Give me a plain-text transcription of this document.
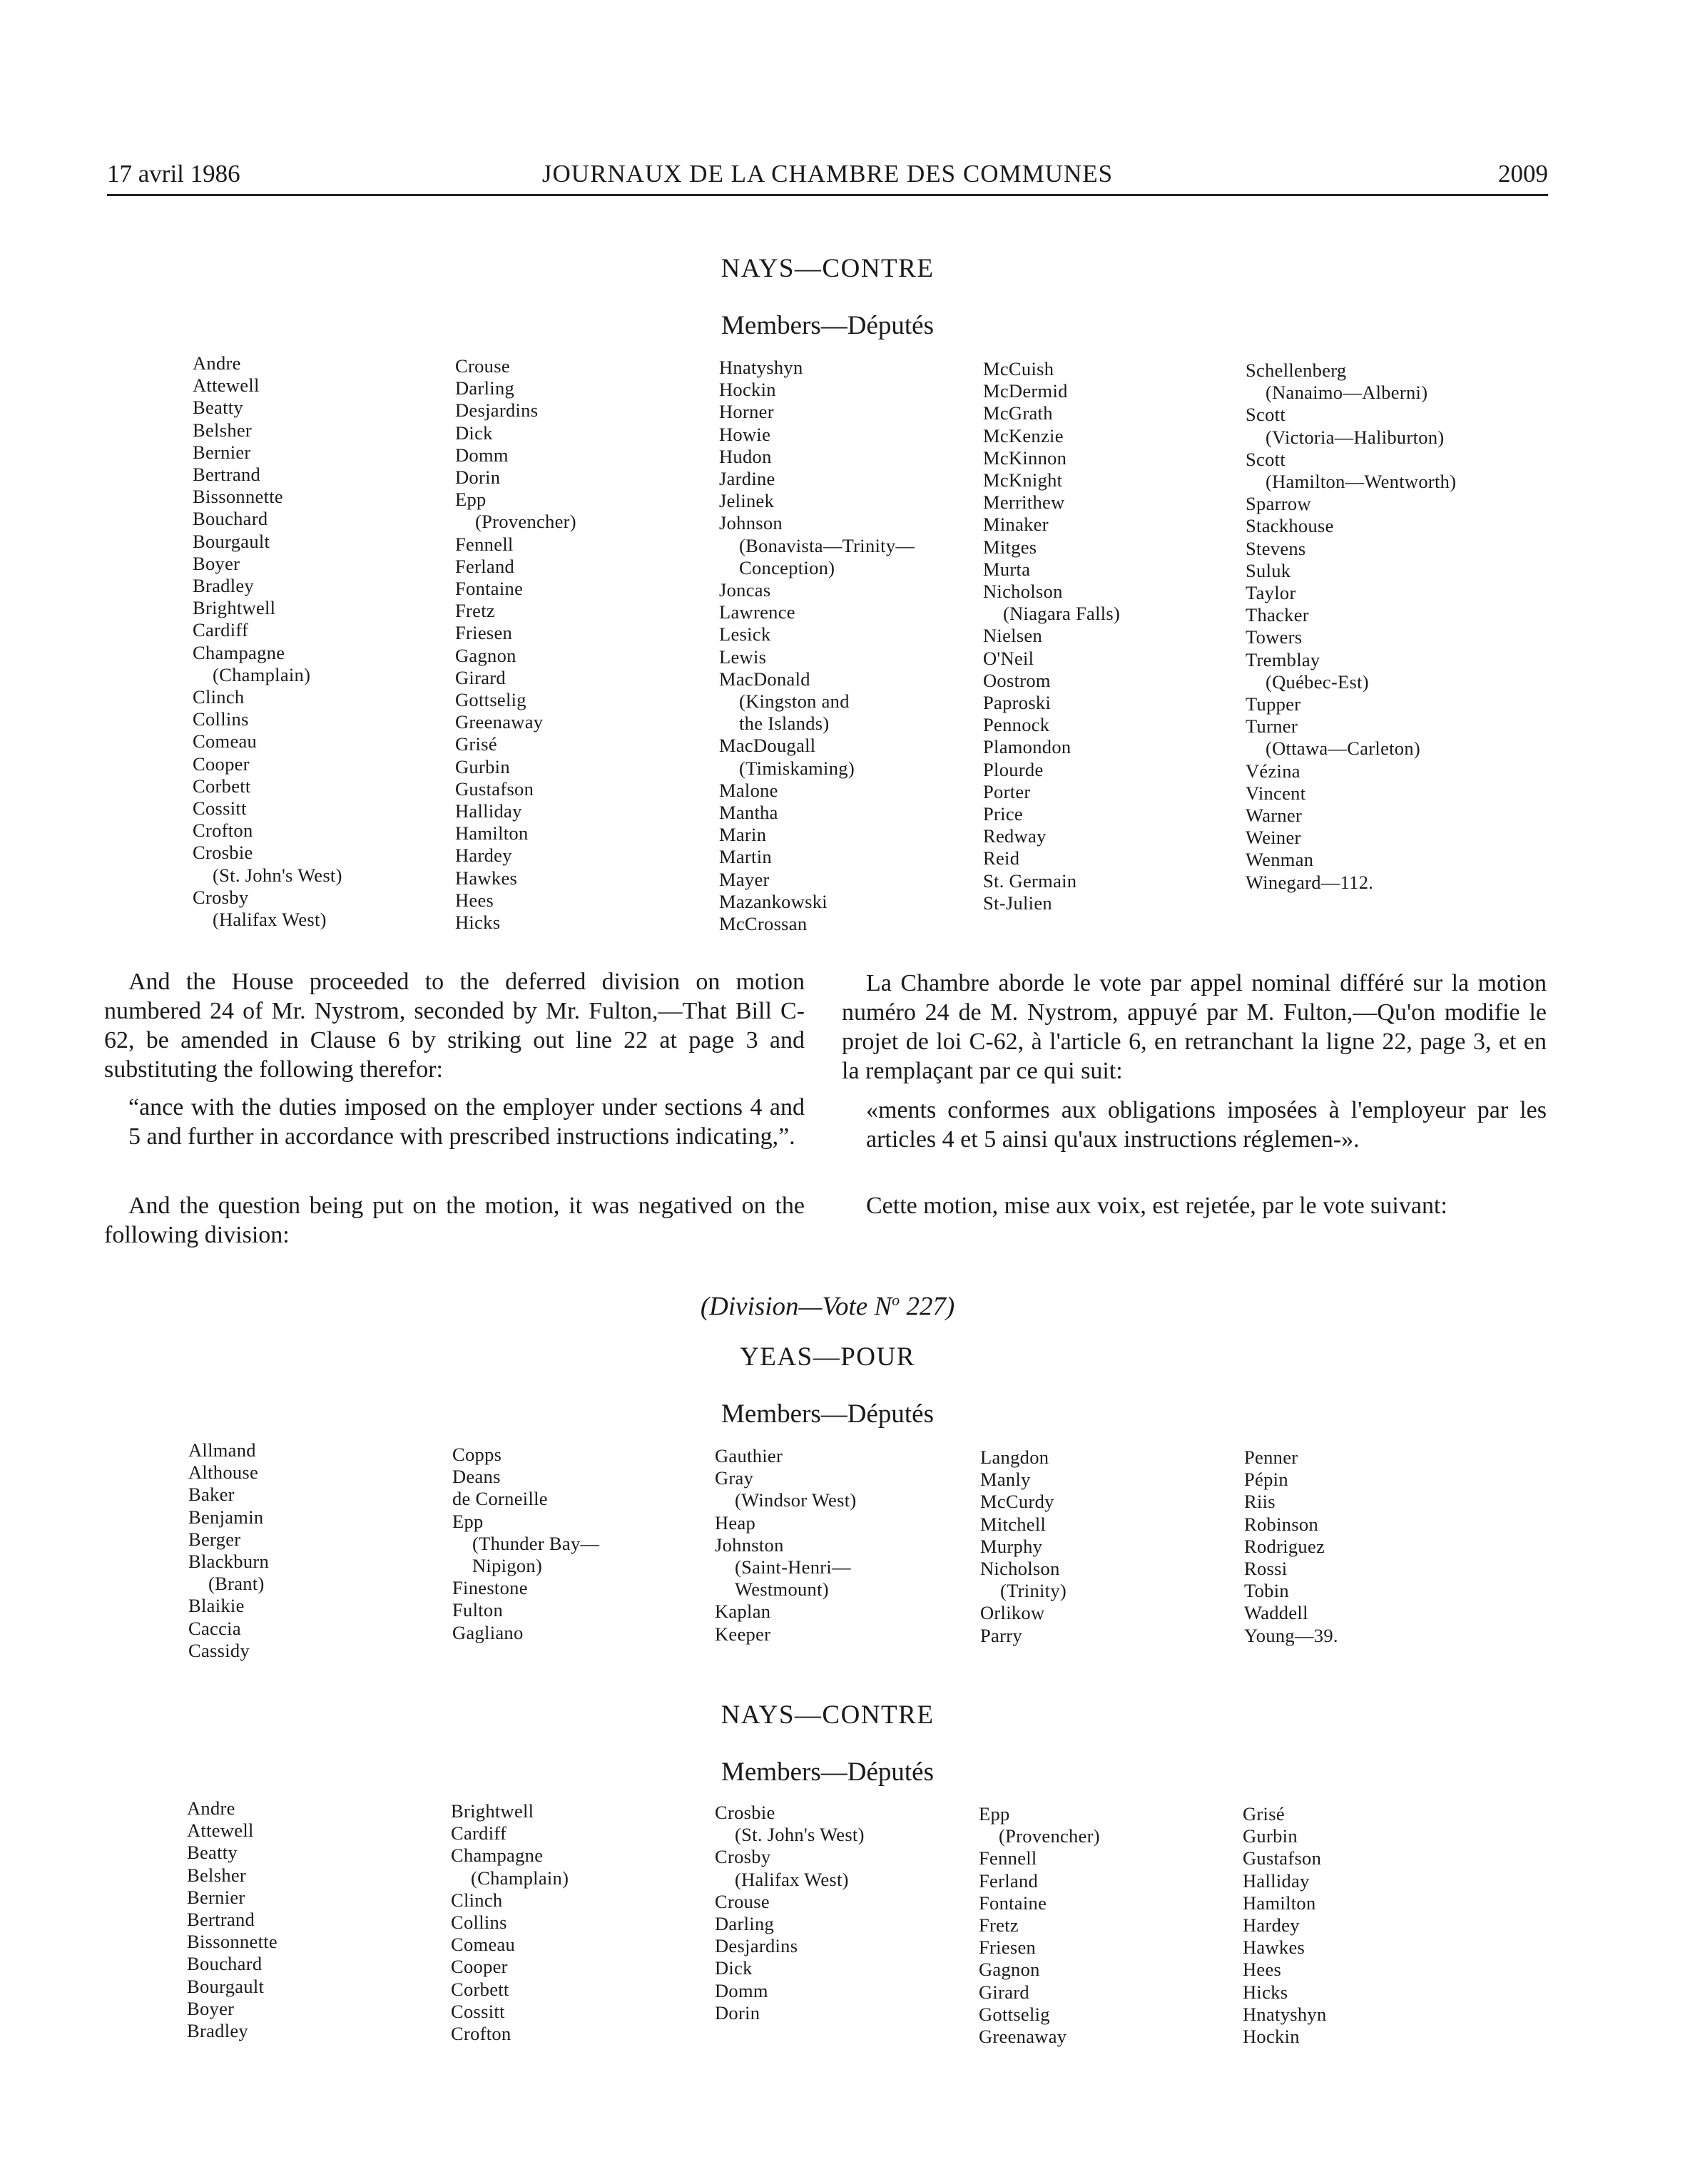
17 avril 1986	JOURNAUX DE LA CHAMBRE DES COMMUNES	2009
NAYS—CONTRE
Members—Députés
Andre
Attewell
Beatty
Belsher
Bernier
Bertrand
Bissonnette
Bouchard
Bourgault
Boyer
Bradley
Brightwell
Cardiff
Champagne
(Champlain)
Clinch
Collins
Comeau
Cooper
Corbett
Cossitt
Crofton
Crosbie
(St. John's West)
Crosby
(Halifax West)
Crouse
Darling
Desjardins
Dick
Domm
Dorin
Epp
(Provencher)
Fennell
Ferland
Fontaine
Fretz
Friesen
Gagnon
Girard
Gottselig
Greenaway
Grisé
Gurbin
Gustafson
Halliday
Hamilton
Hardey
Hawkes
Hees
Hicks
Hnatyshyn
Hockin
Horner
Howie
Hudon
Jardine
Jelinek
Johnson
(Bonavista—Trinity—
Conception)
Joncas
Lawrence
Lesick
Lewis
MacDonald
(Kingston and
the Islands)
MacDougall
(Timiskaming)
Malone
Mantha
Marin
Martin
Mayer
Mazankowski
McCrossan
McCuish
McDermid
McGrath
McKenzie
McKinnon
McKnight
Merrithew
Minaker
Mitges
Murta
Nicholson
(Niagara Falls)
Nielsen
O'Neil
Oostrom
Paproski
Pennock
Plamondon
Plourde
Porter
Price
Redway
Reid
St. Germain
St-Julien
Schellenberg
(Nanaimo—Alberni)
Scott
(Victoria—Haliburton)
Scott
(Hamilton—Wentworth)
Sparrow
Stackhouse
Stevens
Suluk
Taylor
Thacker
Towers
Tremblay
(Québec-Est)
Tupper
Turner
(Ottawa—Carleton)
Vézina
Vincent
Warner
Weiner
Wenman
Winegard—112.
And the House proceeded to the deferred division on motion numbered 24 of Mr. Nystrom, seconded by Mr. Fulton,—That Bill C-62, be amended in Clause 6 by striking out line 22 at page 3 and substituting the following therefor:
“ance with the duties imposed on the employer under sections 4 and 5 and further in accordance with prescribed instructions indicating,”.
And the question being put on the motion, it was negatived on the following division:
La Chambre aborde le vote par appel nominal différé sur la motion numéro 24 de M. Nystrom, appuyé par M. Fulton,—Qu'on modifie le projet de loi C-62, à l'article 6, en retranchant la ligne 22, page 3, et en la remplaçant par ce qui suit:
«ments conformes aux obligations imposées à l'employeur par les articles 4 et 5 ainsi qu'aux instructions réglemen-».
Cette motion, mise aux voix, est rejetée, par le vote suivant:
(Division—Vote $N^o$ 227)
YEAS—POUR
Members—Députés
Allmand
Althouse
Baker
Benjamin
Berger
Blackburn
(Brant)
Blaikie
Caccia
Cassidy
Copps
Deans
de Corneille
Epp
(Thunder Bay—
Nipigon)
Finestone
Fulton
Gagliano
Gauthier
Gray
(Windsor West)
Heap
Johnston
(Saint-Henri—
Westmount)
Kaplan
Keeper
Langdon
Manly
McCurdy
Mitchell
Murphy
Nicholson
(Trinity)
Orlikow
Parry
Penner
Pépin
Riis
Robinson
Rodriguez
Rossi
Tobin
Waddell
Young—39.
NAYS—CONTRE
Members—Députés
Andre
Attewell
Beatty
Belsher
Bernier
Bertrand
Bissonnette
Bouchard
Bourgault
Boyer
Bradley
Brightwell
Cardiff
Champagne
(Champlain)
Clinch
Collins
Comeau
Cooper
Corbett
Cossitt
Crofton
Crosbie
(St. John's West)
Crosby
(Halifax West)
Crouse
Darling
Desjardins
Dick
Domm
Dorin
Epp
(Provencher)
Fennell
Ferland
Fontaine
Fretz
Friesen
Gagnon
Girard
Gottselig
Greenaway
Grisé
Gurbin
Gustafson
Halliday
Hamilton
Hardey
Hawkes
Hees
Hicks
Hnatyshyn
Hockin
